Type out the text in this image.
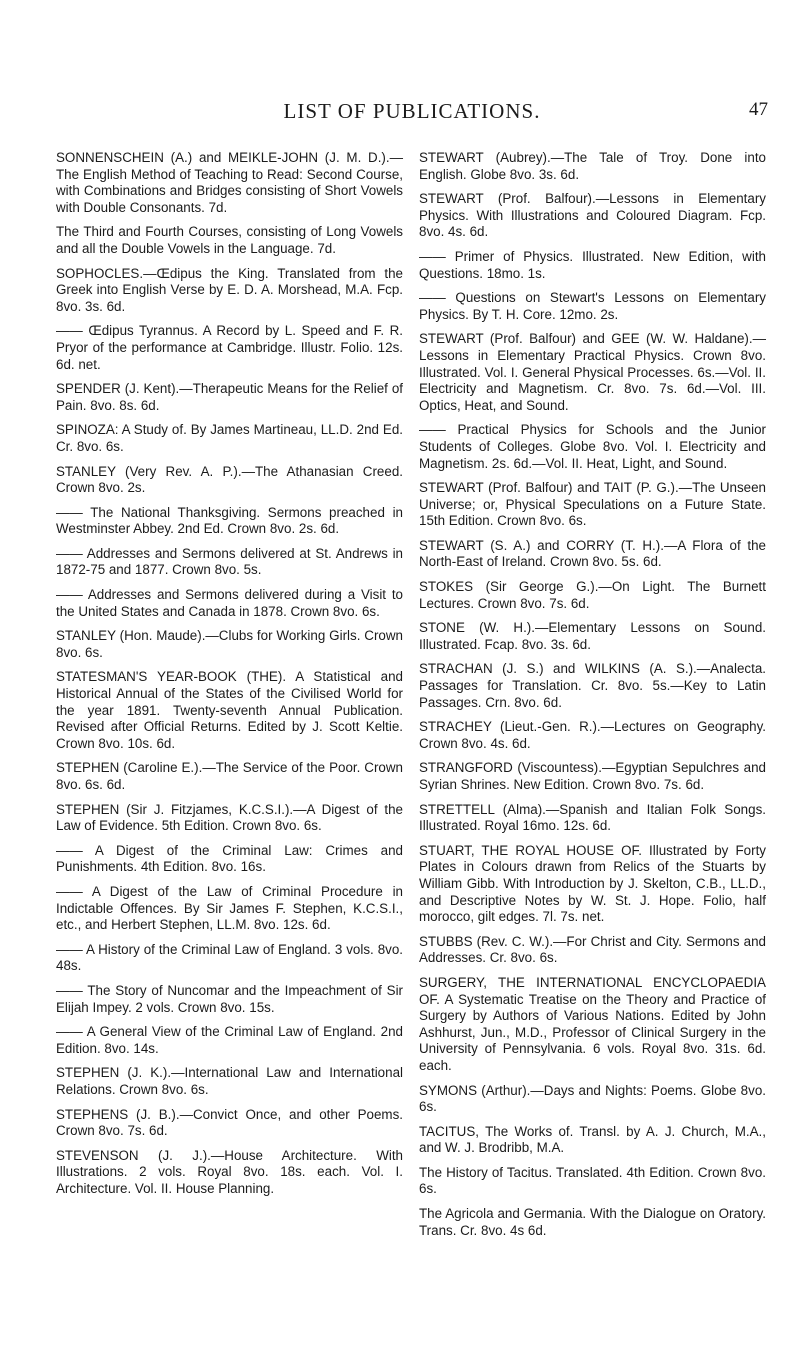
LIST OF PUBLICATIONS.	47

SONNENSCHEIN (A.) and MEIKLE-JOHN (J. M. D.).—The English Method of Teaching to Read: Second Course, with Combinations and Bridges consisting of Short Vowels with Double Consonants. 7d.

The Third and Fourth Courses, consisting of Long Vowels and all the Double Vowels in the Language. 7d.

SOPHOCLES.—Œdipus the King. Translated from the Greek into English Verse by E. D. A. Morshead, M.A. Fcp. 8vo. 3s. 6d.

—— Œdipus Tyrannus. A Record by L. Speed and F. R. Pryor of the performance at Cambridge. Illustr. Folio. 12s. 6d. net.

SPENDER (J. Kent).—Therapeutic Means for the Relief of Pain. 8vo. 8s. 6d.

SPINOZA: A Study of. By James Martineau, LL.D. 2nd Ed. Cr. 8vo. 6s.

STANLEY (Very Rev. A. P.).—The Athanasian Creed. Crown 8vo. 2s.

—— The National Thanksgiving. Sermons preached in Westminster Abbey. 2nd Ed. Crown 8vo. 2s. 6d.

—— Addresses and Sermons delivered at St. Andrews in 1872-75 and 1877. Crown 8vo. 5s.

—— Addresses and Sermons delivered during a Visit to the United States and Canada in 1878. Crown 8vo. 6s.

STANLEY (Hon. Maude).—Clubs for Working Girls. Crown 8vo. 6s.

STATESMAN'S YEAR-BOOK (THE). A Statistical and Historical Annual of the States of the Civilised World for the year 1891. Twenty-seventh Annual Publication. Revised after Official Returns. Edited by J. Scott Keltie. Crown 8vo. 10s. 6d.

STEPHEN (Caroline E.).—The Service of the Poor. Crown 8vo. 6s. 6d.

STEPHEN (Sir J. Fitzjames, K.C.S.I.).—A Digest of the Law of Evidence. 5th Edition. Crown 8vo. 6s.

—— A Digest of the Criminal Law: Crimes and Punishments. 4th Edition. 8vo. 16s.

—— A Digest of the Law of Criminal Procedure in Indictable Offences. By Sir James F. Stephen, K.C.S.I., etc., and Herbert Stephen, LL.M. 8vo. 12s. 6d.

—— A History of the Criminal Law of England. 3 vols. 8vo. 48s.

—— The Story of Nuncomar and the Impeachment of Sir Elijah Impey. 2 vols. Crown 8vo. 15s.

—— A General View of the Criminal Law of England. 2nd Edition. 8vo. 14s.

STEPHEN (J. K.).—International Law and International Relations. Crown 8vo. 6s.

STEPHENS (J. B.).—Convict Once, and other Poems. Crown 8vo. 7s. 6d.

STEVENSON (J. J.).—House Architecture. With Illustrations. 2 vols. Royal 8vo. 18s. each. Vol. I. Architecture. Vol. II. House Planning.

STEWART (Aubrey).—The Tale of Troy. Done into English. Globe 8vo. 3s. 6d.

STEWART (Prof. Balfour).—Lessons in Elementary Physics. With Illustrations and Coloured Diagram. Fcp. 8vo. 4s. 6d.

—— Primer of Physics. Illustrated. New Edition, with Questions. 18mo. 1s.

—— Questions on Stewart's Lessons on Elementary Physics. By T. H. Core. 12mo. 2s.

STEWART (Prof. Balfour) and GEE (W. W. Haldane).—Lessons in Elementary Practical Physics. Crown 8vo. Illustrated. Vol. I. General Physical Processes. 6s.—Vol. II. Electricity and Magnetism. Cr. 8vo. 7s. 6d.—Vol. III. Optics, Heat, and Sound.

—— Practical Physics for Schools and the Junior Students of Colleges. Globe 8vo. Vol. I. Electricity and Magnetism. 2s. 6d.—Vol. II. Heat, Light, and Sound.

STEWART (Prof. Balfour) and TAIT (P. G.).—The Unseen Universe; or, Physical Speculations on a Future State. 15th Edition. Crown 8vo. 6s.

STEWART (S. A.) and CORRY (T. H.).—A Flora of the North-East of Ireland. Crown 8vo. 5s. 6d.

STOKES (Sir George G.).—On Light. The Burnett Lectures. Crown 8vo. 7s. 6d.

STONE (W. H.).—Elementary Lessons on Sound. Illustrated. Fcap. 8vo. 3s. 6d.

STRACHAN (J. S.) and WILKINS (A. S.).—Analecta. Passages for Translation. Cr. 8vo. 5s.—Key to Latin Passages. Crn. 8vo. 6d.

STRACHEY (Lieut.-Gen. R.).—Lectures on Geography. Crown 8vo. 4s. 6d.

STRANGFORD (Viscountess).—Egyptian Sepulchres and Syrian Shrines. New Edition. Crown 8vo. 7s. 6d.

STRETTELL (Alma).—Spanish and Italian Folk Songs. Illustrated. Royal 16mo. 12s. 6d.

STUART, THE ROYAL HOUSE OF. Illustrated by Forty Plates in Colours drawn from Relics of the Stuarts by William Gibb. With Introduction by J. Skelton, C.B., LL.D., and Descriptive Notes by W. St. J. Hope. Folio, half morocco, gilt edges. 7l. 7s. net.

STUBBS (Rev. C. W.).—For Christ and City. Sermons and Addresses. Cr. 8vo. 6s.

SURGERY, THE INTERNATIONAL ENCYCLOPAEDIA OF. A Systematic Treatise on the Theory and Practice of Surgery by Authors of Various Nations. Edited by John Ashhurst, Jun., M.D., Professor of Clinical Surgery in the University of Pennsylvania. 6 vols. Royal 8vo. 31s. 6d. each.

SYMONS (Arthur).—Days and Nights: Poems. Globe 8vo. 6s.

TACITUS, The Works of. Transl. by A. J. Church, M.A., and W. J. Brodribb, M.A.

The History of Tacitus. Translated. 4th Edition. Crown 8vo. 6s.

The Agricola and Germania. With the Dialogue on Oratory. Trans. Cr. 8vo. 4s 6d.
